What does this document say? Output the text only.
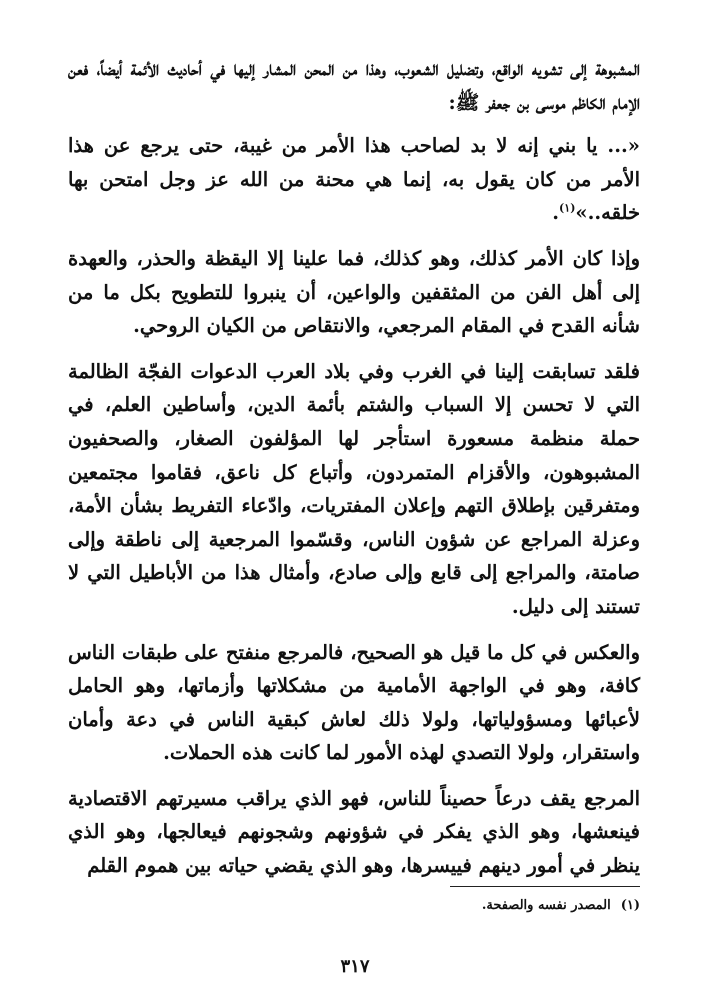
المشبوهة إلى تشويه الواقع، وتضليل الشعوب، وهذا من المحن المشار إليها في أحاديث الأئمة أيضاً، فعن الإمام الكاظم موسى بن جعفر ﷺ:

«... يا بني إنه لا بد لصاحب هذا الأمر من غيبة، حتى يرجع عن هذا الأمر من كان يقول به، إنما هي محنة من الله عز وجل امتحن بها خلقه..»$^{(١)}$.

وإذا كان الأمر كذلك، وهو كذلك، فما علينا إلا اليقظة والحذر، والعهدة إلى أهل الفن من المثقفين والواعين، أن ينبروا للتطويح بكل ما من شأنه القدح في المقام المرجعي، والانتقاص من الكيان الروحي.

فلقد تسابقت إلينا في الغرب وفي بلاد العرب الدعوات الفجّة الظالمة التي لا تحسن إلا السباب والشتم بأئمة الدين، وأساطين العلم، في حملة منظمة مسعورة استأجر لها المؤلفون الصغار، والصحفيون المشبوهون، والأقزام المتمردون، وأتباع كل ناعق، فقاموا مجتمعين ومتفرقين بإطلاق التهم وإعلان المفتريات، وادّعاء التفريط بشأن الأمة، وعزلة المراجع عن شؤون الناس، وقسّموا المرجعية إلى ناطقة وإلى صامتة، والمراجع إلى قابع وإلى صادع، وأمثال هذا من الأباطيل التي لا تستند إلى دليل.

والعكس في كل ما قيل هو الصحيح، فالمرجع منفتح على طبقات الناس كافة، وهو في الواجهة الأمامية من مشكلاتها وأزماتها، وهو الحامل لأعبائها ومسؤولياتها، ولولا ذلك لعاش كبقية الناس في دعة وأمان واستقرار، ولولا التصدي لهذه الأمور لما كانت هذه الحملات.

المرجع يقف درعاً حصيناً للناس، فهو الذي يراقب مسيرتهم الاقتصادية فينعشها، وهو الذي يفكر في شؤونهم وشجونهم فيعالجها، وهو الذي ينظر في أمور دينهم فييسرها، وهو الذي يقضي حياته بين هموم القلم

(١)المصدر نفسه والصفحة.
٣١٧
